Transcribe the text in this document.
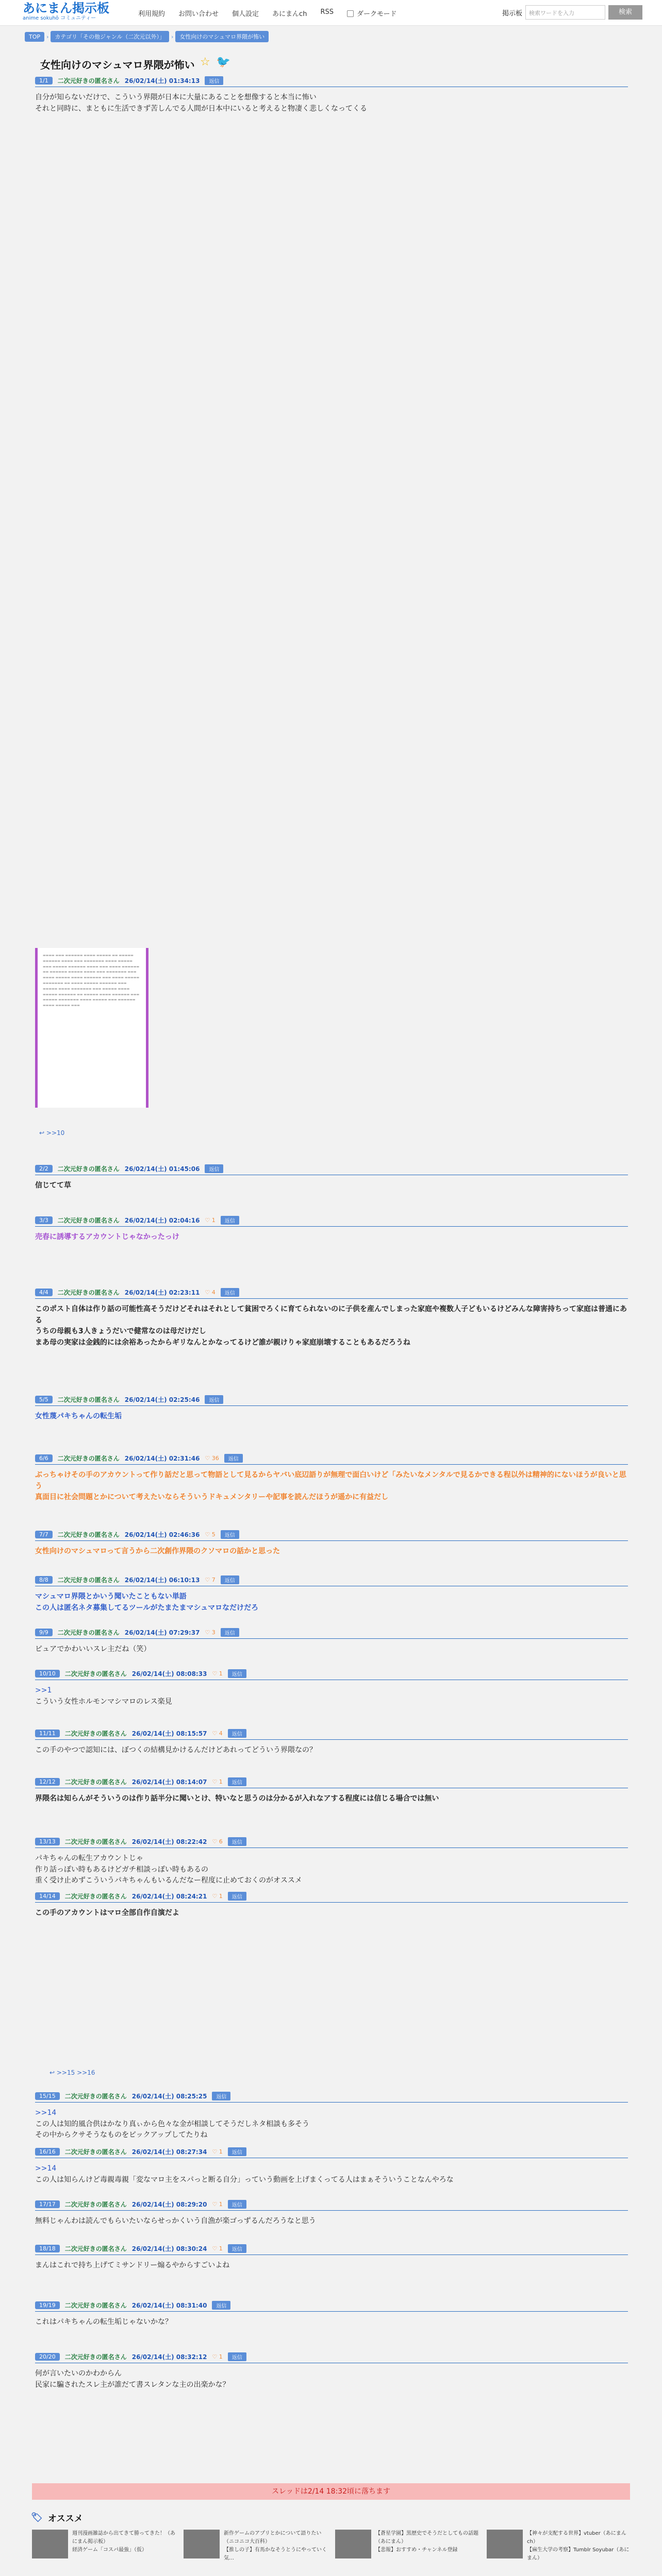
あにまん掲示板
anime sokuhō コミュニティー
利用規約 お問い合わせ 個人設定 あにまんch RSS	ダークモード	掲示板	検索ワードを入力	検索
TOP	›	カテゴリ「その他ジャンル（二次元以外）」	›	女性向けのマシュマロ界隈が怖い
女性向けのマシュマロ界隈が怖い ☆ 🐦
1/1	二次元好きの匿名さん 26/02/14(土) 01:34:13	返信
自分が知らないだけで、こういう界隈が日本に大量にあることを想像すると本当に怖い
それと同時に、まともに生活できず苦しんでる人間が日本中にいると考えると物凄く悲しくなってくる
2/2	二次元好きの匿名さん 26/02/14(土) 01:45:06	返信
信じてて草
3/3	二次元好きの匿名さん 26/02/14(土) 02:04:16 ♡ 1	返信
売春に誘導するアカウントじゃなかったっけ
4/4	二次元好きの匿名さん 26/02/14(土) 02:23:11 ♡ 4	返信
このポスト自体は作り話の可能性高そうだけどそれはそれとして貧困でろくに育てられないのに子供を産んでしまった家庭や複数人子どもいるけどみんな障害持ちって家庭は普通にある
うちの母親も3人きょうだいで健常なのは母だけだし
まあ母の実家は金銭的には余裕あったからギリなんとかなってるけど誰が親けりゃ家庭崩壊することもあるだろうね
5/5	二次元好きの匿名さん 26/02/14(土) 02:25:46	返信
女性蔑パキちゃんの転生垢
6/6	二次元好きの匿名さん 26/02/14(土) 02:31:46 ♡ 36	返信
ぶっちゃけその手のアカウントって作り話だと思って物語として見るからヤバい底辺語りが無理で面白いけど「みたいなメンタルで見るかできる程以外は精神的にないほうが良いと思う
真面目に社会問題とかについて考えたいならそういうドキュメンタリーや記事を読んだほうが遥かに有益だし
7/7	二次元好きの匿名さん 26/02/14(土) 02:46:36 ♡ 5	返信
女性向けのマシュマロって言うから二次創作界隈のクソマロの話かと思った
8/8	二次元好きの匿名さん 26/02/14(土) 06:10:13 ♡ 7	返信
マシュマロ界隈とかいう聞いたこともない単語
この人は匿名ネタ募集してるツールがたまたまマシュマロなだけだろ
9/9	二次元好きの匿名さん 26/02/14(土) 07:29:37 ♡ 3	返信
ピュアでかわいいスレ主だね（笑）
10/10	二次元好きの匿名さん 26/02/14(土) 08:08:33 ♡ 1	返信
>>1
こういう女性ホルモンマシマロのレス楽見
11/11	二次元好きの匿名さん 26/02/14(土) 08:15:57 ♡ 4	返信
この手のやつで認知には、ぼつくの結構見かけるんだけどあれってどういう界隈なの？
12/12	二次元好きの匿名さん 26/02/14(土) 08:14:07 ♡ 1	返信
界隈名は知らんがそういうのは作り話半分に聞いとけ、特いなと思うのは分かるが入れなアする程度には信じる場合では無い
13/13	二次元好きの匿名さん 26/02/14(土) 08:22:42 ♡ 6	返信
パキちゃんの転生アカウントじゃ
作り話っぽい時もあるけどガチ相談っぽい時もあるの
重く受け止めずこういうパキちゃんもいるんだなー程度に止めておくのがオススメ
14/14	二次元好きの匿名さん 26/02/14(土) 08:24:21 ♡ 1	返信
この手のアカウントはマロ全部自作自演だよ
15/15	二次元好きの匿名さん 26/02/14(土) 08:25:25	返信
>>14
この人は知的風合供はかなり真ぃから色々な金が相談してそうだしネタ相談も多そう
その中からクサそうなものをピックアップしてたりね
16/16	二次元好きの匿名さん 26/02/14(土) 08:27:34 ♡ 1	返信
>>14
この人は知らんけど毒親毒親「変なマロ主をスパっと断る自分」っていう動画を上げまくってる人はまぁそういうことなんやろな
17/17	二次元好きの匿名さん 26/02/14(土) 08:29:20 ♡ 1	返信
無料じゃんわは読んでもらいたいならせっかくいう自漁が楽ゴっずるんだろうなと思う
18/18	二次元好きの匿名さん 26/02/14(土) 08:30:24 ♡ 1	返信
まんはこれで持ち上げてミサンドリー煽るやからすごいよね
19/19	二次元好きの匿名さん 26/02/14(土) 08:31:40	返信
これはパキちゃんの転生垢じゃないかな？
20/20	二次元好きの匿名さん 26/02/14(土) 08:32:12 ♡ 1	返信
何が言いたいのかわからん
民家に騙されたスレ主が誰だて書スレタンな主の出楽かな？
▬▬▬▬ ▬▬▬ ▬▬▬▬▬▬ ▬▬▬▬ ▬▬▬▬▬ ▬▬ ▬▬▬▬▬ ▬▬▬▬▬▬ ▬▬▬▬ ▬▬▬ ▬▬▬▬▬▬▬ ▬▬▬▬ ▬▬▬▬▬ ▬▬▬ ▬▬▬▬▬ ▬▬▬▬▬▬ ▬▬▬▬ ▬▬▬ ▬▬▬▬ ▬▬▬▬▬▬ ▬▬ ▬▬▬▬▬▬ ▬▬▬▬▬ ▬▬▬▬ ▬▬▬ ▬▬▬▬▬▬▬ ▬▬▬ ▬▬▬▬ ▬▬▬▬▬ ▬▬▬▬ ▬▬▬▬▬▬ ▬▬▬ ▬▬▬▬ ▬▬▬▬▬ ▬▬▬▬▬▬▬ ▬▬ ▬▬▬▬ ▬▬▬▬▬ ▬▬▬▬▬▬ ▬▬▬ ▬▬▬▬▬ ▬▬▬▬ ▬▬▬▬▬▬▬ ▬▬▬ ▬▬▬▬▬ ▬▬▬▬ ▬▬▬▬▬ ▬▬▬▬▬▬ ▬▬ ▬▬▬▬▬ ▬▬▬▬ ▬▬▬▬▬▬ ▬▬▬ ▬▬▬▬▬ ▬▬▬▬▬▬▬ ▬▬▬▬ ▬▬▬▬▬ ▬▬▬ ▬▬▬▬▬▬ ▬▬▬▬ ▬▬▬▬▬ ▬▬▬
↩ >>10
↩ >>15 >>16
スレッドは2/14 18:32頃に落ちます
🏷 オススメ
週刊漫画雑誌から出てきて勝ってきた！（あにまん掲示板）
経済ゲーム「コスパ最強」（仮）
新作ゲームのアプリとかについて語りたい（ニコニコ大百科）
【推しの子】有馬かなそうとうにやっていく気…
【蒼星学園】黒歴史でそうだとしてもの話題（あにまん）
【悲報】おすすめ・チャンネル登録
【神々が支配する世界】vtuber（あにまんch）
【麻生大学の考察】Tumblr Soyubar（あにまん）
